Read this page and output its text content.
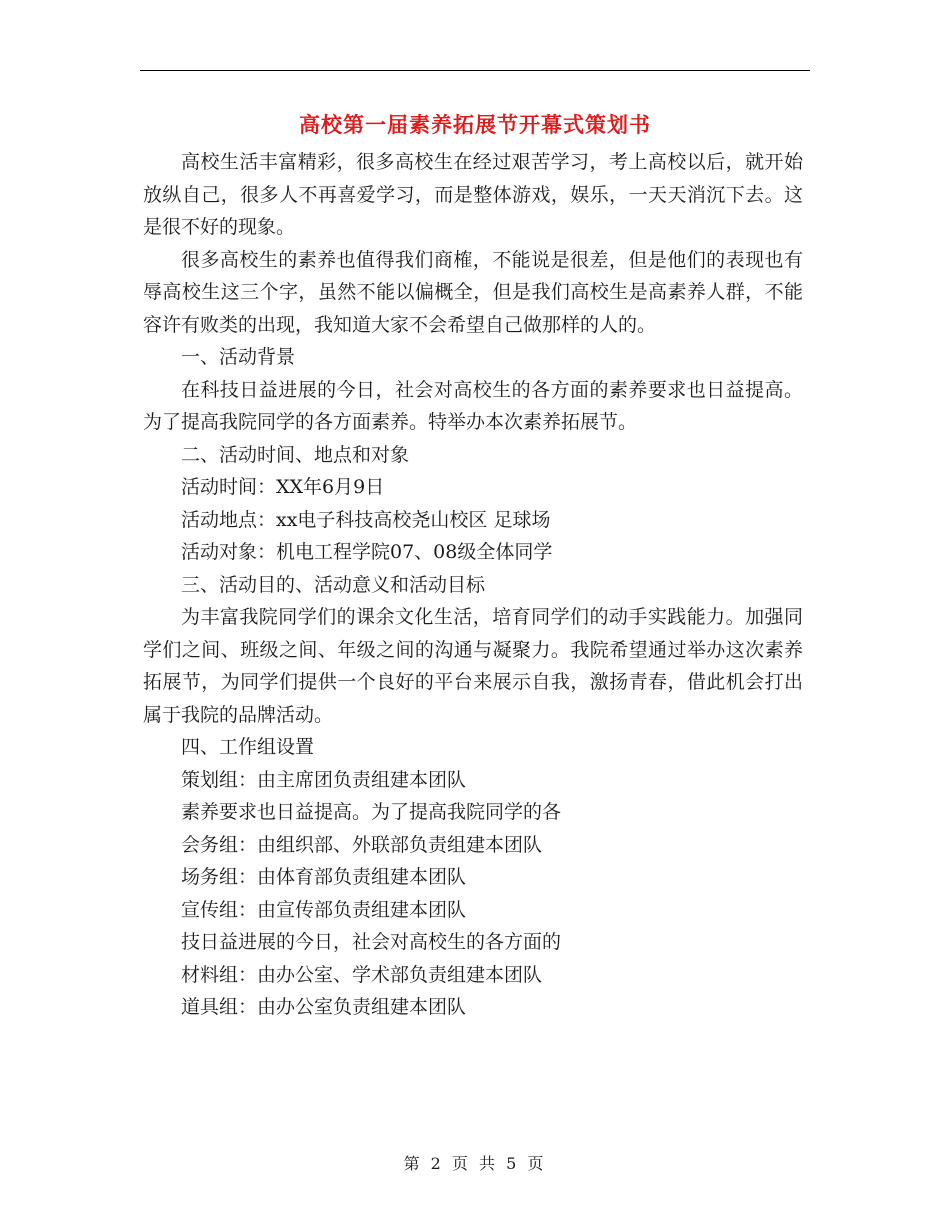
高校第一届素养拓展节开幕式策划书

高校生活丰富精彩，很多高校生在经过艰苦学习，考上高校以后，就开始放纵自己，很多人不再喜爱学习，而是整体游戏，娱乐，一天天消沉下去。这是很不好的现象。

很多高校生的素养也值得我们商榷，不能说是很差，但是他们的表现也有辱高校生这三个字，虽然不能以偏概全，但是我们高校生是高素养人群，不能容许有败类的出现，我知道大家不会希望自己做那样的人的。

一、活动背景

在科技日益进展的今日，社会对高校生的各方面的素养要求也日益提高。为了提高我院同学的各方面素养。特举办本次素养拓展节。

二、活动时间、地点和对象

活动时间：XX年6月9日

活动地点：xx电子科技高校尧山校区 足球场

活动对象：机电工程学院07、08级全体同学

三、活动目的、活动意义和活动目标

为丰富我院同学们的课余文化生活，培育同学们的动手实践能力。加强同学们之间、班级之间、年级之间的沟通与凝聚力。我院希望通过举办这次素养拓展节，为同学们提供一个良好的平台来展示自我，激扬青春，借此机会打出属于我院的品牌活动。

四、工作组设置

策划组：由主席团负责组建本团队

素养要求也日益提高。为了提高我院同学的各

会务组：由组织部、外联部负责组建本团队

场务组：由体育部负责组建本团队

宣传组：由宣传部负责组建本团队

技日益进展的今日，社会对高校生的各方面的

材料组：由办公室、学术部负责组建本团队

道具组：由办公室负责组建本团队

第 2 页 共 5 页
